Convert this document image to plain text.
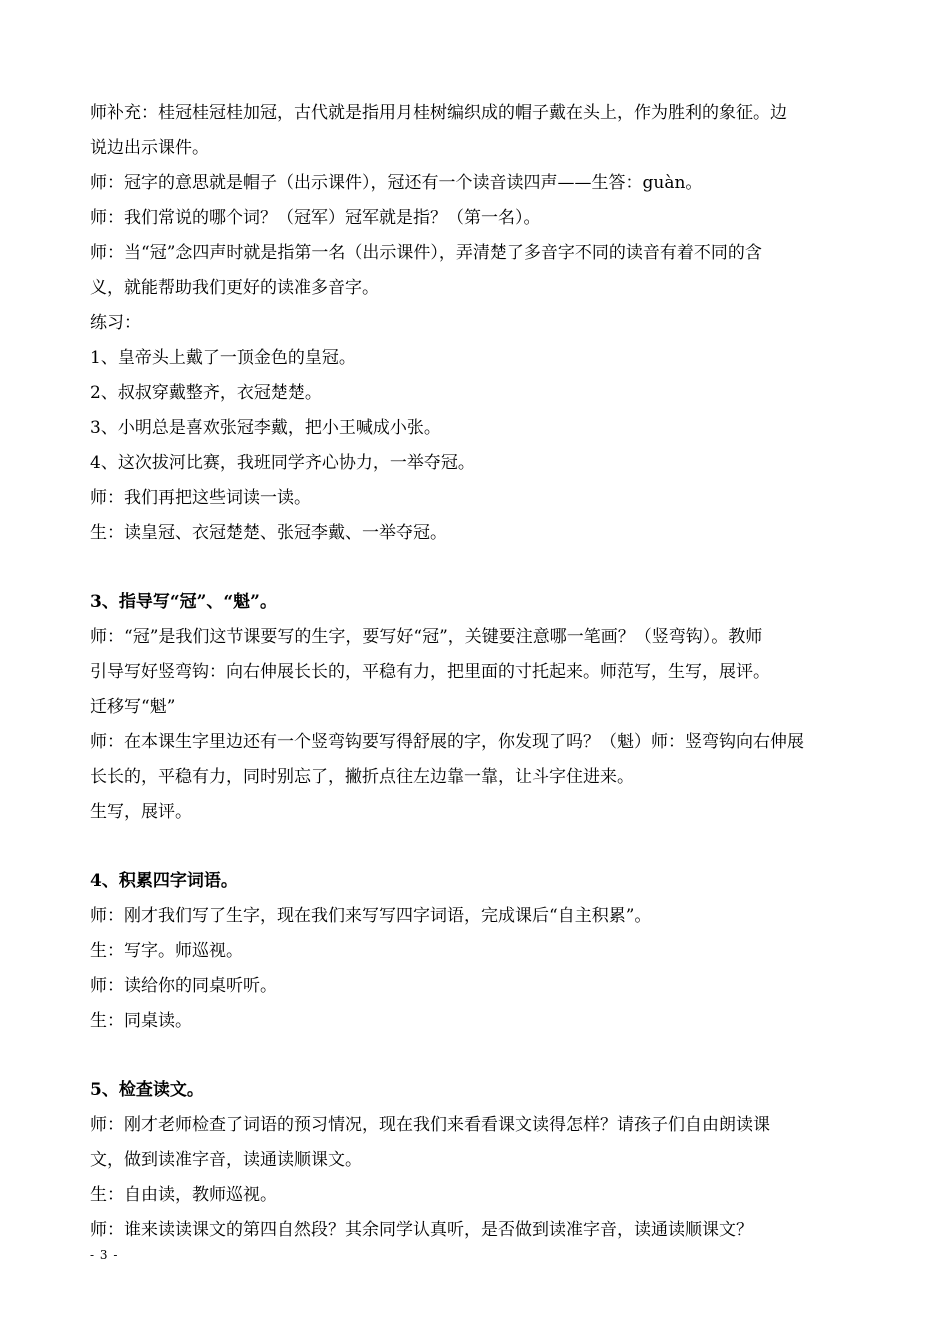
师补充：桂冠桂冠桂加冠，古代就是指用月桂树编织成的帽子戴在头上，作为胜利的象征。边

说边出示课件。

师：冠字的意思就是帽子（出示课件），冠还有一个读音读四声——生答：guàn。

师：我们常说的哪个词？（冠军）冠军就是指？（第一名）。

师：当“冠”念四声时就是指第一名（出示课件），弄清楚了多音字不同的读音有着不同的含

义，就能帮助我们更好的读准多音字。

练习：

1、皇帝头上戴了一顶金色的皇冠。

2、叔叔穿戴整齐，衣冠楚楚。

3、小明总是喜欢张冠李戴，把小王喊成小张。

4、这次拔河比赛，我班同学齐心协力，一举夺冠。

师：我们再把这些词读一读。

生：读皇冠、衣冠楚楚、张冠李戴、一举夺冠。

3、指导写“冠”、“魁”。

师：“冠”是我们这节课要写的生字，要写好“冠”，关键要注意哪一笔画？（竖弯钩）。教师

引导写好竖弯钩：向右伸展长长的，平稳有力，把里面的寸托起来。师范写，生写，展评。

迁移写“魁”

师：在本课生字里边还有一个竖弯钩要写得舒展的字，你发现了吗？（魁）师：竖弯钩向右伸展

长长的，平稳有力，同时别忘了，撇折点往左边靠一靠，让斗字住进来。

生写，展评。

4、积累四字词语。

师：刚才我们写了生字，现在我们来写写四字词语，完成课后“自主积累”。

生：写字。师巡视。

师：读给你的同桌听听。

生：同桌读。

5、检查读文。

师：刚才老师检查了词语的预习情况，现在我们来看看课文读得怎样？请孩子们自由朗读课

文，做到读准字音，读通读顺课文。

生：自由读，教师巡视。

师：谁来读读课文的第四自然段？其余同学认真听，是否做到读准字音，读通读顺课文？

- 3 -
